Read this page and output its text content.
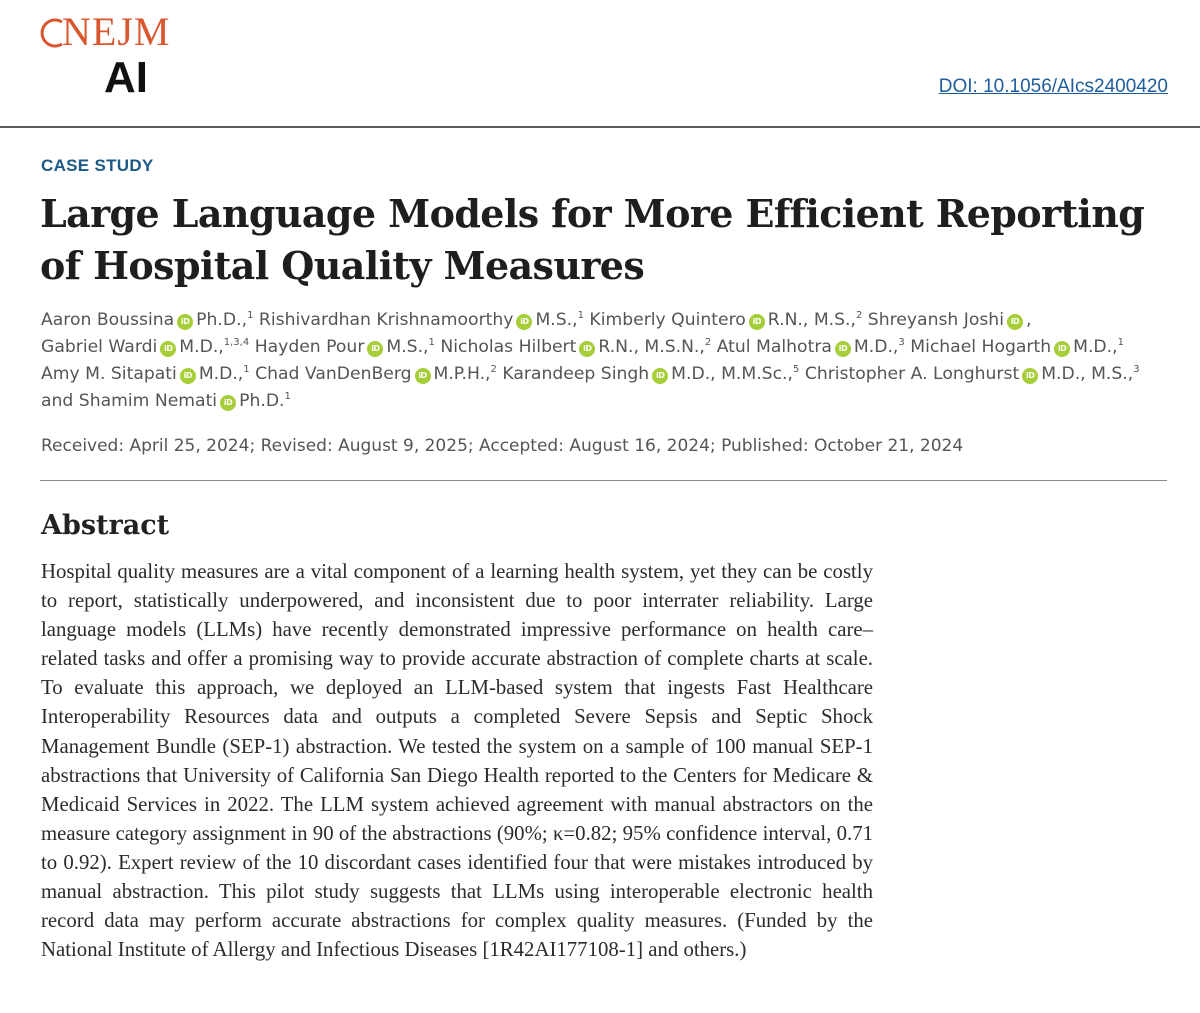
NEJM
AI	DOI: 10.1056/AIcs2400420
CASE STUDY
Large Language Models for More Efficient Reporting of Hospital Quality Measures
Aaron Boussina iD Ph.D.,$^1$ Rishivardhan Krishnamoorthy iD M.S.,$^1$ Kimberly Quintero iD R.N., M.S.,$^2$ Shreyansh Joshi iD , Gabriel Wardi iD M.D.,$^{1,3,4}$ Hayden Pour iD M.S.,$^1$ Nicholas Hilbert iD R.N., M.S.N.,$^2$ Atul Malhotra iD M.D.,$^3$ Michael Hogarth iD M.D.,$^1$ Amy M. Sitapati iD M.D.,$^1$ Chad VanDenBerg iD M.P.H.,$^2$ Karandeep Singh iD M.D., M.M.Sc.,$^5$ Christopher A. Longhurst iD M.D., M.S.,$^3$ and Shamim Nemati iD Ph.D.$^1$
Received: April 25, 2024; Revised: August 9, 2025; Accepted: August 16, 2024; Published: October 21, 2024
Abstract

Hospital quality measures are a vital component of a learning health system, yet they can be costly to report, statistically underpowered, and inconsistent due to poor interrater reliability. Large language models (LLMs) have recently demonstrated impressive performance on health care–related tasks and offer a promising way to provide accurate abstraction of complete charts at scale. To evaluate this approach, we deployed an LLM-based system that ingests Fast Healthcare Interoperability Resources data and outputs a completed Severe Sepsis and Septic Shock Management Bundle (SEP-1) abstraction. We tested the system on a sample of 100 manual SEP-1 abstractions that University of California San Diego Health reported to the Centers for Medicare & Medicaid Services in 2022. The LLM system achieved agreement with manual abstractors on the measure category assignment in 90 of the abstractions (90%; κ=0.82; 95% confidence interval, 0.71 to 0.92). Expert review of the 10 discordant cases identified four that were mistakes introduced by manual abstraction. This pilot study suggests that LLMs using interoperable electronic health record data may perform accurate abstractions for complex quality measures. (Funded by the National Institute of Allergy and Infectious Diseases [1R42AI177108-1] and others.)
